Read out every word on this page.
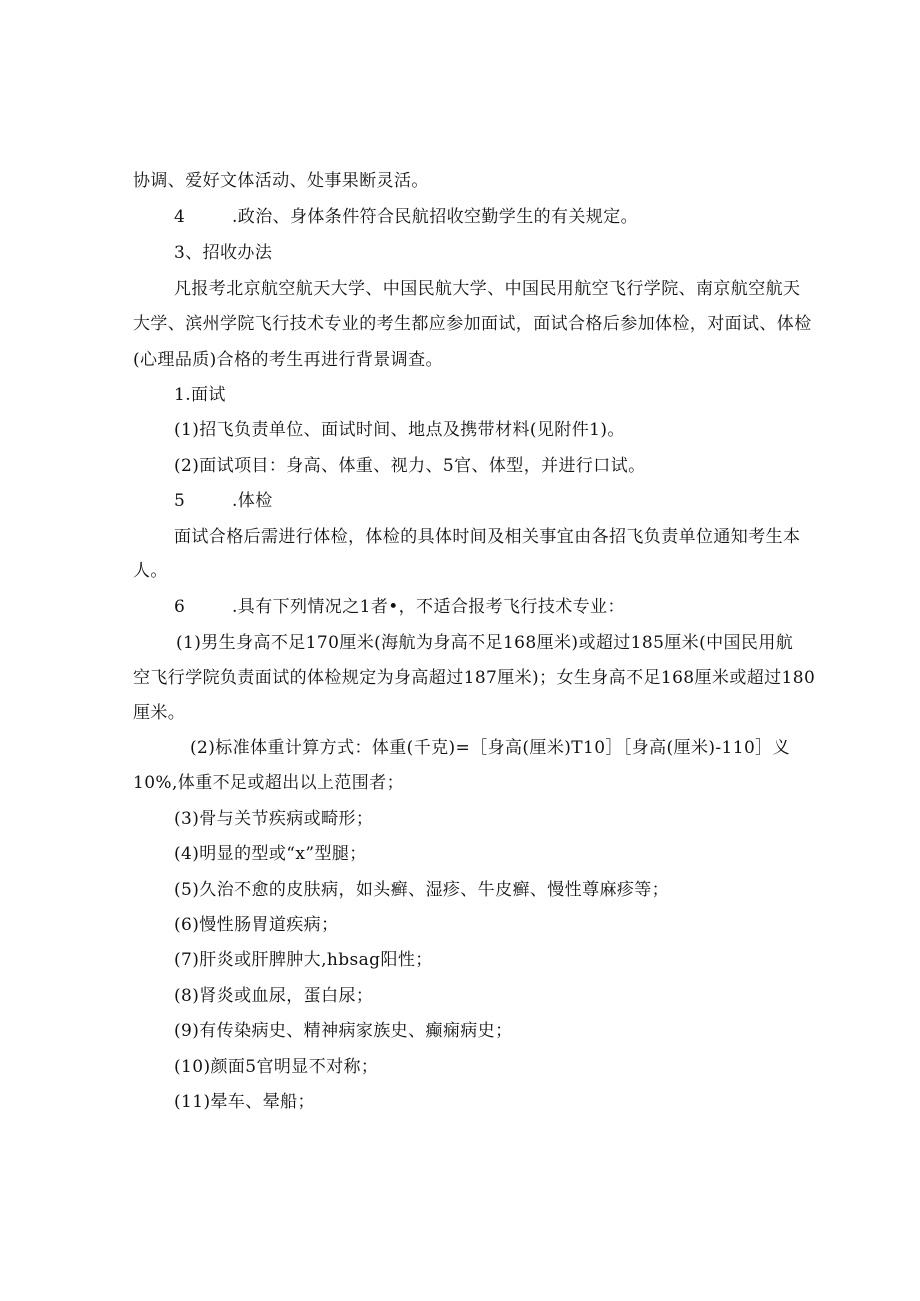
协调、爱好文体活动、处事果断灵活。
4	.政治、身体条件符合民航招收空勤学生的有关规定。
3、招收办法
凡报考北京航空航天大学、中国民航大学、中国民用航空飞行学院、南京航空航天
大学、滨州学院飞行技术专业的考生都应参加面试，面试合格后参加体检，对面试、体检
(心理品质)合格的考生再进行背景调查。
1.面试
(1)招飞负责单位、面试时间、地点及携带材料(见附件1)。
(2)面试项目：身高、体重、视力、5官、体型，并进行口试。
5	.体检
面试合格后需进行体检，体检的具体时间及相关事宜由各招飞负责单位通知考生本
人。
6	.具有下列情况之1者•，不适合报考飞行技术专业：
(1)男生身高不足170厘米(海航为身高不足168厘米)或超过185厘米(中国民用航
空飞行学院负责面试的体检规定为身高超过187厘米)；女生身高不足168厘米或超过180
厘米。
(2)标准体重计算方式：体重(千克)=［身高(厘米)T10］［身高(厘米)-110］义
10%,体重不足或超出以上范围者；
(3)骨与关节疾病或畸形；
(4)明显的型或“x”型腿；
(5)久治不愈的皮肤病，如头癣、湿疹、牛皮癣、慢性尊麻疹等；
(6)慢性肠胃道疾病；
(7)肝炎或肝脾肿大,hbsag阳性；
(8)肾炎或血尿，蛋白尿；
(9)有传染病史、精神病家族史、癫痫病史；
(10)颜面5官明显不对称；
(11)晕车、晕船；
